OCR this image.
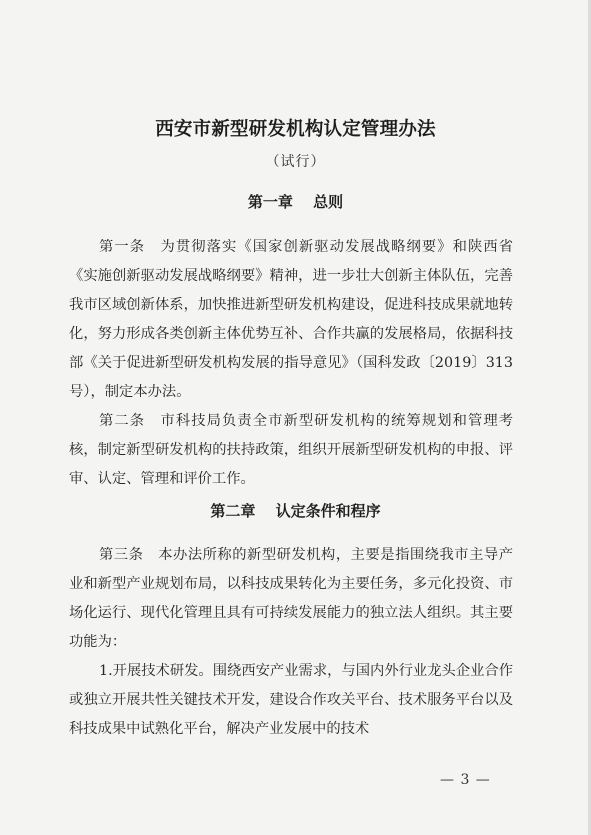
西安市新型研发机构认定管理办法
（试行）
第一章　 总则

第一条　为贯彻落实《国家创新驱动发展战略纲要》和陕西省《实施创新驱动发展战略纲要》精神，进一步壮大创新主体队伍，完善我市区域创新体系，加快推进新型研发机构建设，促进科技成果就地转化，努力形成各类创新主体优势互补、合作共赢的发展格局，依据科技部《关于促进新型研发机构发展的指导意见》（国科发政〔2019〕313号），制定本办法。

第二条　市科技局负责全市新型研发机构的统筹规划和管理考核，制定新型研发机构的扶持政策，组织开展新型研发机构的申报、评审、认定、管理和评价工作。

第二章　 认定条件和程序

第三条　本办法所称的新型研发机构，主要是指围绕我市主导产业和新型产业规划布局，以科技成果转化为主要任务，多元化投资、市场化运行、现代化管理且具有可持续发展能力的独立法人组织。其主要功能为：

1.开展技术研发。围绕西安产业需求，与国内外行业龙头企业合作或独立开展共性关键技术开发，建设合作攻关平台、技术服务平台以及科技成果中试熟化平台，解决产业发展中的技术

— 3 —
